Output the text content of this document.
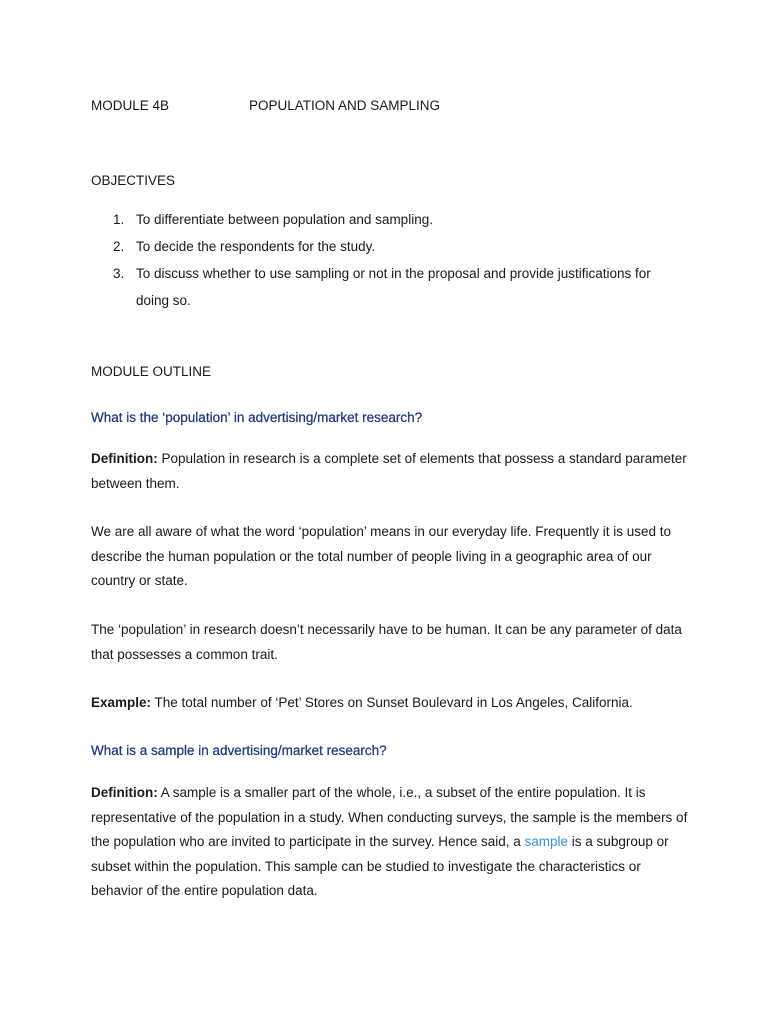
MODULE 4B	POPULATION AND SAMPLING
OBJECTIVES
1. To differentiate between population and sampling.
2. To decide the respondents for the study.
3. To discuss whether to use sampling or not in the proposal and provide justifications for doing so.
MODULE OUTLINE
What is the ‘population’ in advertising/market research?
Definition: Population in research is a complete set of elements that possess a standard parameter between them.
We are all aware of what the word ‘population’ means in our everyday life. Frequently it is used to describe the human population or the total number of people living in a geographic area of our country or state.
The ‘population’ in research doesn’t necessarily have to be human. It can be any parameter of data that possesses a common trait.
Example: The total number of ‘Pet’ Stores on Sunset Boulevard in Los Angeles, California.
What is a sample in advertising/market research?
Definition: A sample is a smaller part of the whole, i.e., a subset of the entire population. It is representative of the population in a study. When conducting surveys, the sample is the members of the population who are invited to participate in the survey. Hence said, a sample is a subgroup or subset within the population. This sample can be studied to investigate the characteristics or behavior of the entire population data.
